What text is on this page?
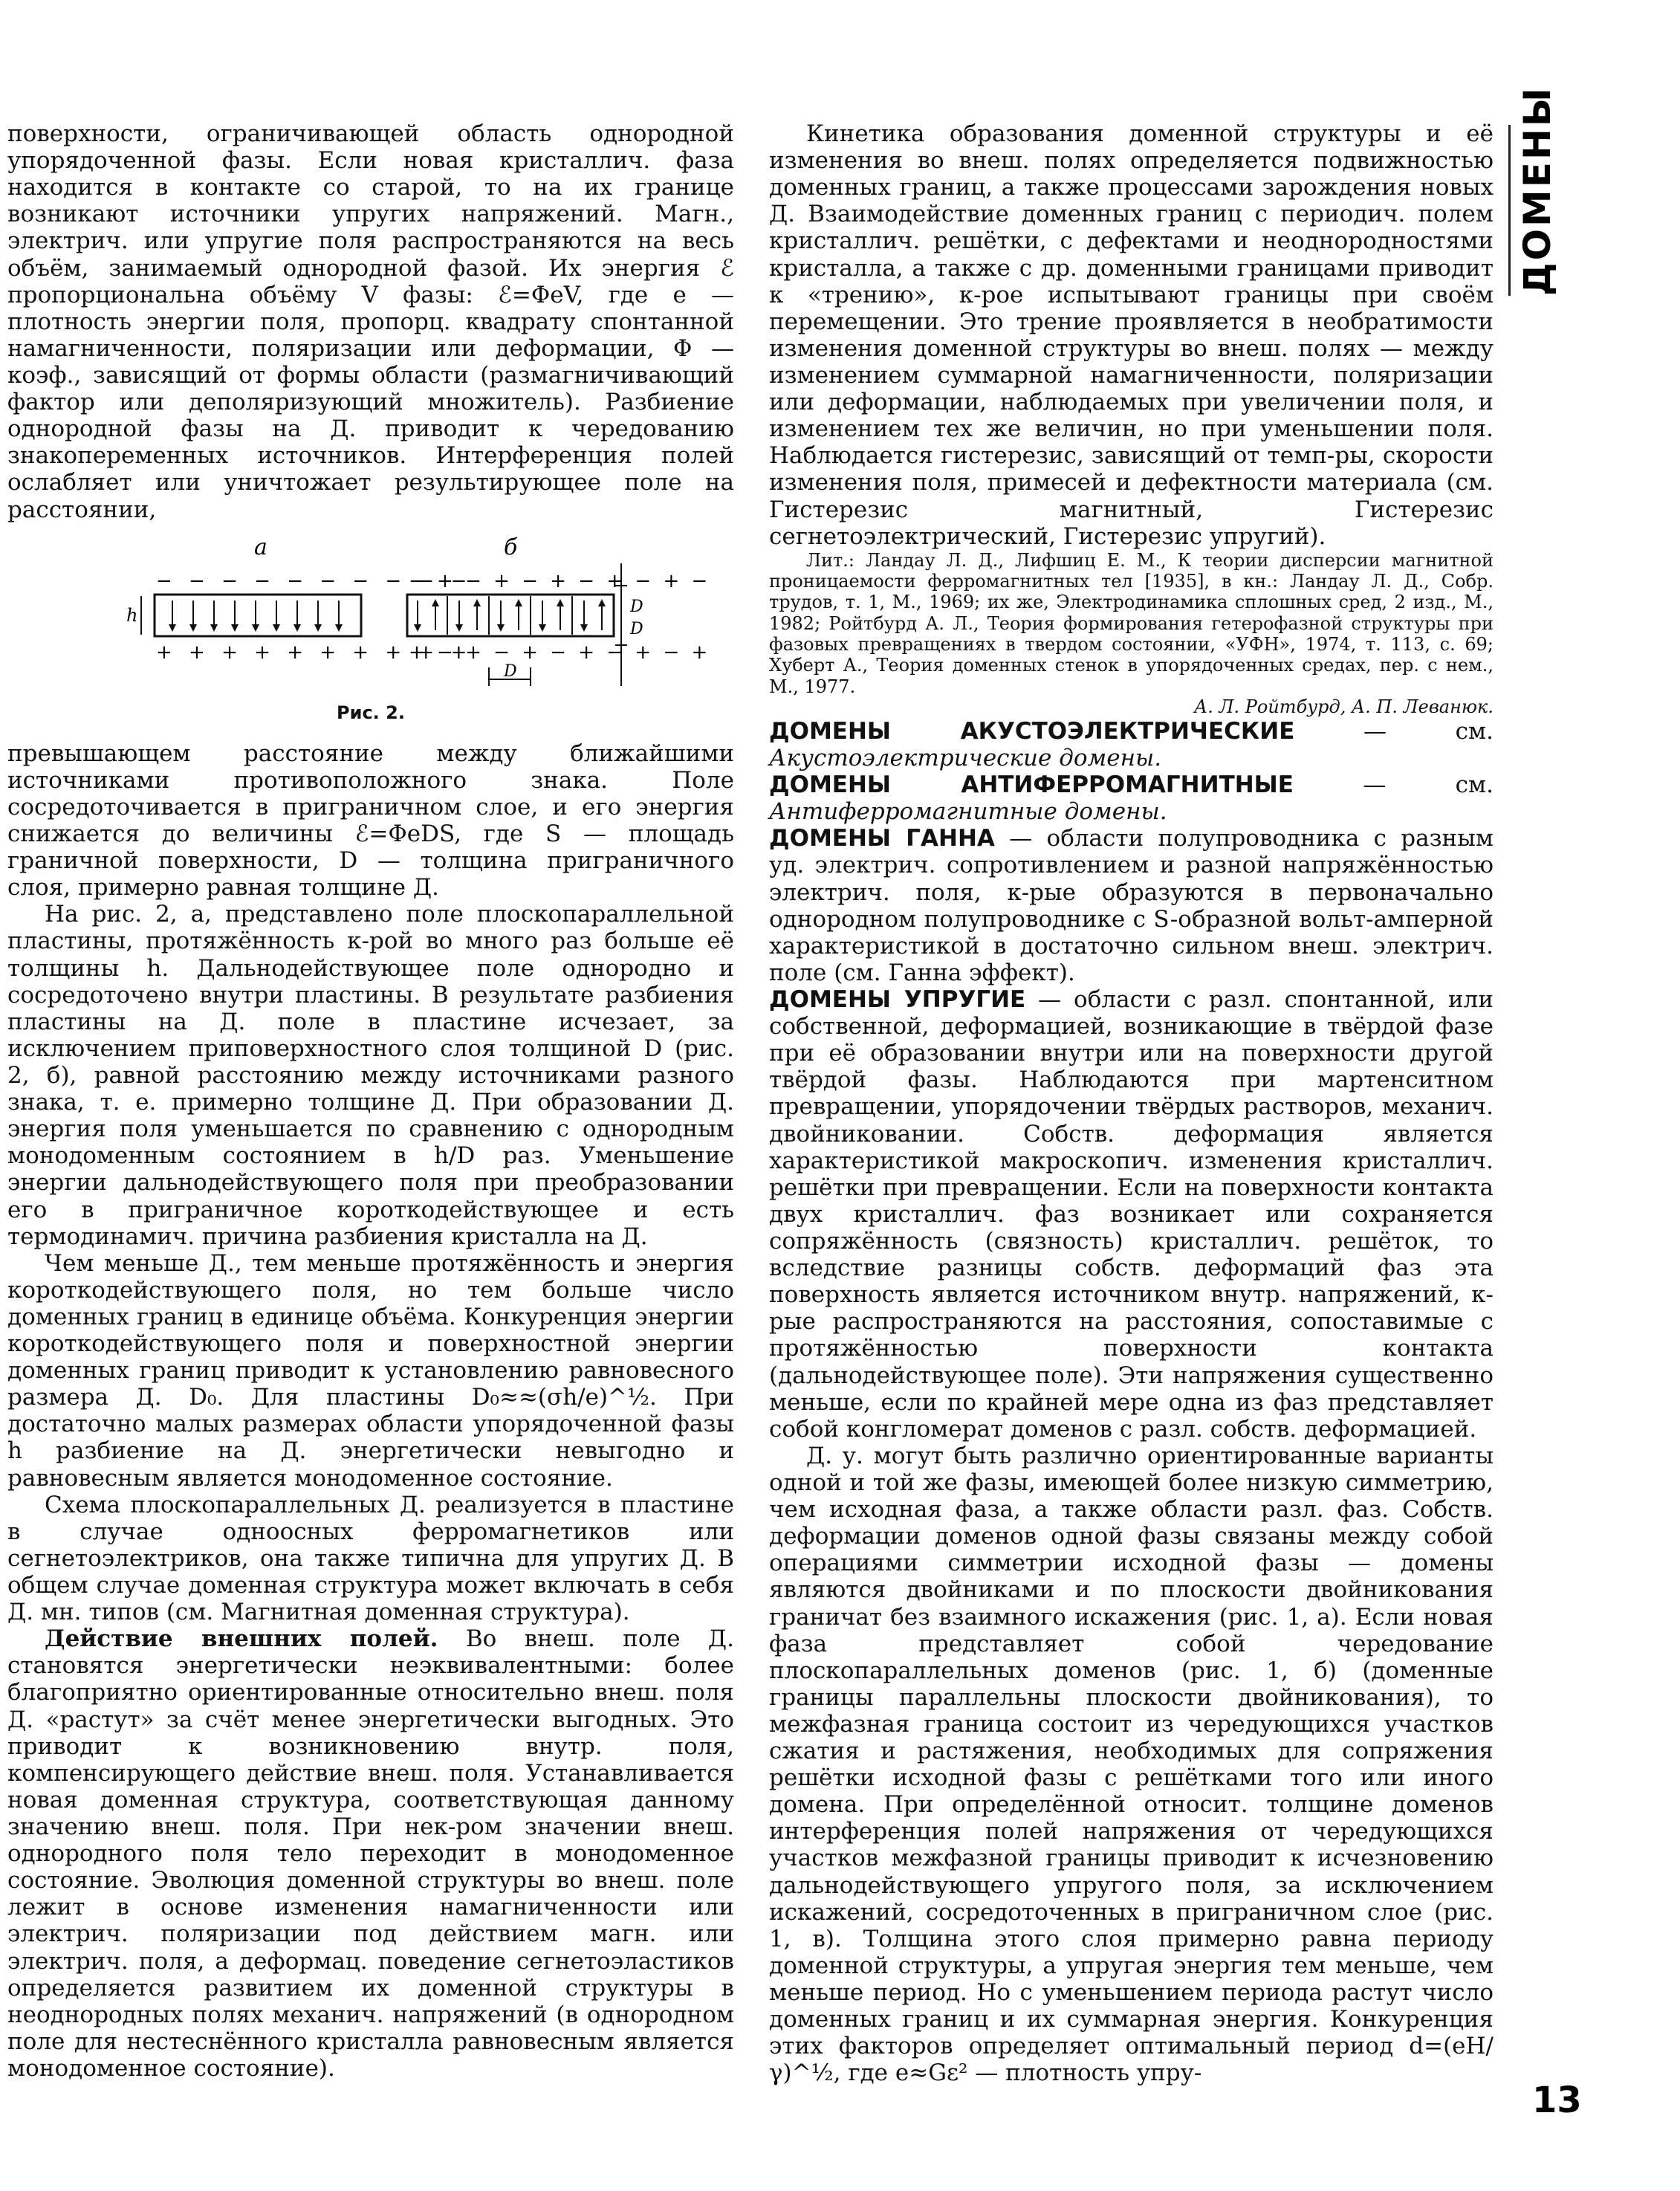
поверхности, ограничивающей область однородной упорядоченной фазы. Если новая кристаллич. фаза находится в контакте со старой, то на их границе возникают источники упругих напряжений. Магн., электрич. или упругие поля распространяются на весь объём, занимаемый однородной фазой. Их энергия ℰ пропорциональна объёму V фазы: ℰ=ΦeV, где e — плотность энергии поля, пропорц. квадрату спонтанной намагниченности, поляризации или деформации, Φ — коэф., зависящий от формы области (размагничивающий фактор или деполяризующий множитель). Разбиение однородной фазы на Д. приводит к чередованию знакопеременных источников. Интерференция полей ослабляет или уничтожает результирующее поле на расстоянии,

а	б
− − − − − − − − − −
+ + + + + + + + + +
h
− + − + − + − + − + −
+ − + − + − + − + − +
D
D
D
Рис. 2.

превышающем расстояние между ближайшими источниками противоположного знака. Поле сосредоточивается в приграничном слое, и его энергия снижается до величины ℰ=ΦeDS, где S — площадь граничной поверхности, D — толщина приграничного слоя, примерно равная толщине Д.

На рис. 2, а, представлено поле плоскопараллельной пластины, протяжённость к-рой во много раз больше её толщины h. Дальнодействующее поле однородно и сосредоточено внутри пластины. В результате разбиения пластины на Д. поле в пластине исчезает, за исключением приповерхностного слоя толщиной D (рис. 2, б), равной расстоянию между источниками разного знака, т. е. примерно толщине Д. При образовании Д. энергия поля уменьшается по сравнению с однородным монодоменным состоянием в h/D раз. Уменьшение энергии дальнодействующего поля при преобразовании его в приграничное короткодействующее и есть термодинамич. причина разбиения кристалла на Д.

Чем меньше Д., тем меньше протяжённость и энергия короткодействующего поля, но тем больше число доменных границ в единице объёма. Конкуренция энергии короткодействующего поля и поверхностной энергии доменных границ приводит к установлению равновесного размера Д. D₀. Для пластины D₀≈≈(σh/e)^½. При достаточно малых размерах области упорядоченной фазы h разбиение на Д. энергетически невыгодно и равновесным является монодоменное состояние.

Схема плоскопараллельных Д. реализуется в пластине в случае одноосных ферромагнетиков или сегнетоэлектриков, она также типична для упругих Д. В общем случае доменная структура может включать в себя Д. мн. типов (см. Магнитная доменная структура).

Действие внешних полей. Во внеш. поле Д. становятся энергетически неэквивалентными: более благоприятно ориентированные относительно внеш. поля Д. «растут» за счёт менее энергетически выгодных. Это приводит к возникновению внутр. поля, компенсирующего действие внеш. поля. Устанавливается новая доменная структура, соответствующая данному значению внеш. поля. При нек-ром значении внеш. однородного поля тело переходит в монодоменное состояние. Эволюция доменной структуры во внеш. поле лежит в основе изменения намагниченности или электрич. поляризации под действием магн. или электрич. поля, а деформац. поведение сегнетоэластиков определяется развитием их доменной структуры в неоднородных полях механич. напряжений (в однородном поле для нестеснённого кристалла равновесным является монодоменное состояние).

Кинетика образования доменной структуры и её изменения во внеш. полях определяется подвижностью доменных границ, а также процессами зарождения новых Д. Взаимодействие доменных границ с периодич. полем кристаллич. решётки, с дефектами и неоднородностями кристалла, а также с др. доменными границами приводит к «трению», к-рое испытывают границы при своём перемещении. Это трение проявляется в необратимости изменения доменной структуры во внеш. полях — между изменением суммарной намагниченности, поляризации или деформации, наблюдаемых при увеличении поля, и изменением тех же величин, но при уменьшении поля. Наблюдается гистерезис, зависящий от темп-ры, скорости изменения поля, примесей и дефектности материала (см. Гистерезис магнитный, Гистерезис сегнетоэлектрический, Гистерезис упругий).

Лит.: Ландау Л. Д., Лифшиц Е. М., К теории дисперсии магнитной проницаемости ферромагнитных тел [1935], в кн.: Ландау Л. Д., Собр. трудов, т. 1, М., 1969; их же, Электродинамика сплошных сред, 2 изд., М., 1982; Ройтбурд А. Л., Теория формирования гетерофазной структуры при фазовых превращениях в твердом состоянии, «УФН», 1974, т. 113, с. 69; Хуберт А., Теория доменных стенок в упорядоченных средах, пер. с нем., М., 1977.

А. Л. Ройтбурд, А. П. Леванюк.

ДОМЕНЫ АКУСТОЭЛЕКТРИЧЕСКИЕ	— см. Акустоэлектрические домены.

ДОМЕНЫ АНТИФЕРРОМАГНИТНЫЕ	— см. Антиферромагнитные домены.

ДОМЕНЫ ГАННА — области полупроводника с разным уд. электрич. сопротивлением и разной напряжённостью электрич. поля, к-рые образуются в первоначально однородном полупроводнике с S-образной вольт-амперной характеристикой в достаточно сильном внеш. электрич. поле (см. Ганна эффект).

ДОМЕНЫ УПРУГИЕ — области с разл. спонтанной, или собственной, деформацией, возникающие в твёрдой фазе при её образовании внутри или на поверхности другой твёрдой фазы. Наблюдаются при мартенситном превращении, упорядочении твёрдых растворов, механич. двойниковании. Собств. деформация является характеристикой макроскопич. изменения кристаллич. решётки при превращении. Если на поверхности контакта двух кристаллич. фаз возникает или сохраняется сопряжённость (связность) кристаллич. решёток, то вследствие разницы собств. деформаций фаз эта поверхность является источником внутр. напряжений, к-рые распространяются на расстояния, сопоставимые с протяжённостью поверхности контакта (дальнодействующее поле). Эти напряжения существенно меньше, если по крайней мере одна из фаз представляет собой конгломерат доменов с разл. собств. деформацией.

Д. у. могут быть различно ориентированные варианты одной и той же фазы, имеющей более низкую симметрию, чем исходная фаза, а также области разл. фаз. Собств. деформации доменов одной фазы связаны между собой операциями симметрии исходной фазы — домены являются двойниками и по плоскости двойникования граничат без взаимного искажения (рис. 1, а). Если новая фаза представляет собой чередование плоскопараллельных доменов (рис. 1, б) (доменные границы параллельны плоскости двойникования), то межфазная граница состоит из чередующихся участков сжатия и растяжения, необходимых для сопряжения решётки исходной фазы с решётками того или иного домена. При определённой относит. толщине доменов интерференция полей напряжения от чередующихся участков межфазной границы приводит к исчезновению дальнодействующего упругого поля, за исключением искажений, сосредоточенных в приграничном слое (рис. 1, в). Толщина этого слоя примерно равна периоду доменной структуры, а упругая энергия тем меньше, чем меньше период. Но с уменьшением периода растут число доменных границ и их суммарная энергия. Конкуренция этих факторов определяет оптимальный период d=(eH/γ)^½, где e≈Gε² — плотность упру-

ДОМЕНЫ
13
